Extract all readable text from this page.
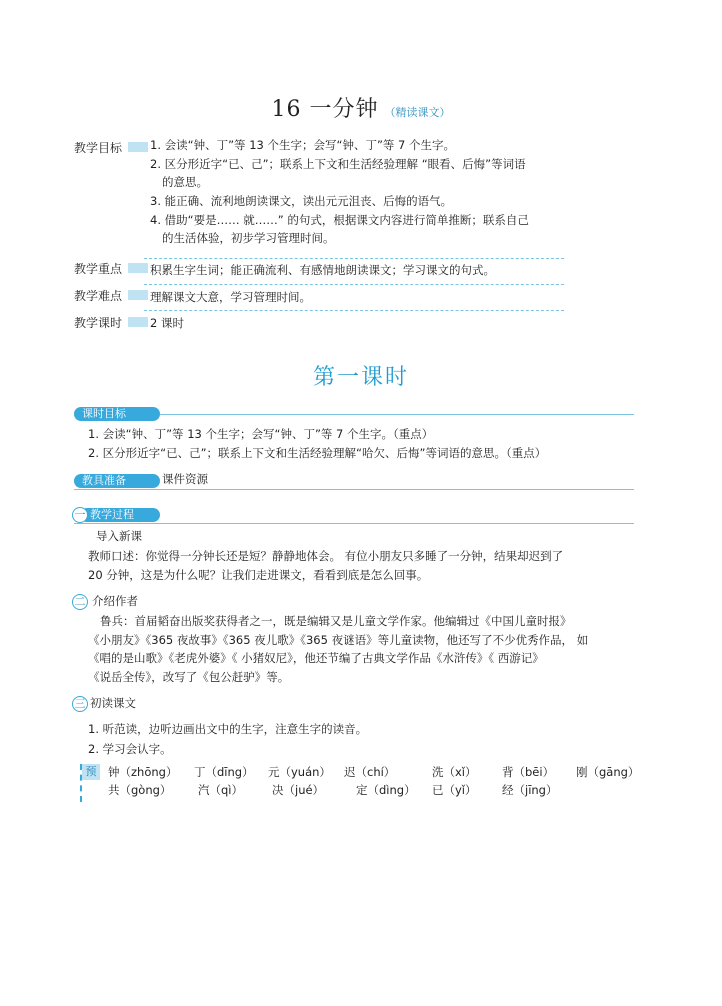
16 一分钟 （精读课文）
教学目标	1. 会读“钟、丁”等 13 个生字；会写“钟、丁”等 7 个生字。
2. 区分形近字“已、己”；联系上下文和生活经验理解 “眼看、后悔”等词语
的意思。
3. 能正确、流利地朗读课文，读出元元沮丧、后悔的语气。
4. 借助“要是…… 就……” 的句式，根据课文内容进行简单推断；联系自己
的生活体验，初步学习管理时间。
教学重点	积累生字生词；能正确流利、有感情地朗读课文；学习课文的句式。
教学难点	理解课文大意，学习管理时间。
教学课时	2 课时
第一课时
课时目标
1. 会读“钟、丁”等 13 个生字；会写“钟、丁”等 7 个生字。（重点）
2. 区分形近字“已、己”；联系上下文和生活经验理解“哈欠、后悔”等词语的意思。（重点）
教具准备	课件资源
教学过程
一
导入新课
教师口述：你觉得一分钟长还是短？静静地体会。 有位小朋友只多睡了一分钟，结果却迟到了
20 分钟，这是为什么呢？让我们走进课文，看看到底是怎么回事。
二 介绍作者
鲁兵：首届韬奋出版奖获得者之一，既是编辑又是儿童文学作家。他编辑过《中国儿童时报》
《小朋友》《365 夜故事》《365 夜儿歌》《365 夜谜语》等儿童读物，他还写了不少优秀作品， 如
《唱的是山歌》《老虎外婆》《 小猪奴尼》，他还节编了古典文学作品《水浒传》《 西游记》
《说岳全传》，改写了《包公赶驴》等。
三 初读课文
1. 听范读，边听边画出文中的生字，注意生字的读音。
2. 学习会认字。
预	钟（zhōng） 丁（dīng） 元（yuán） 迟（chí）	洗（xǐ） 背（bēi） 刚（gāng）
共（gòng） 汽（qì）	决（jué）	定（dìng） 已（yǐ） 经（jīng）
